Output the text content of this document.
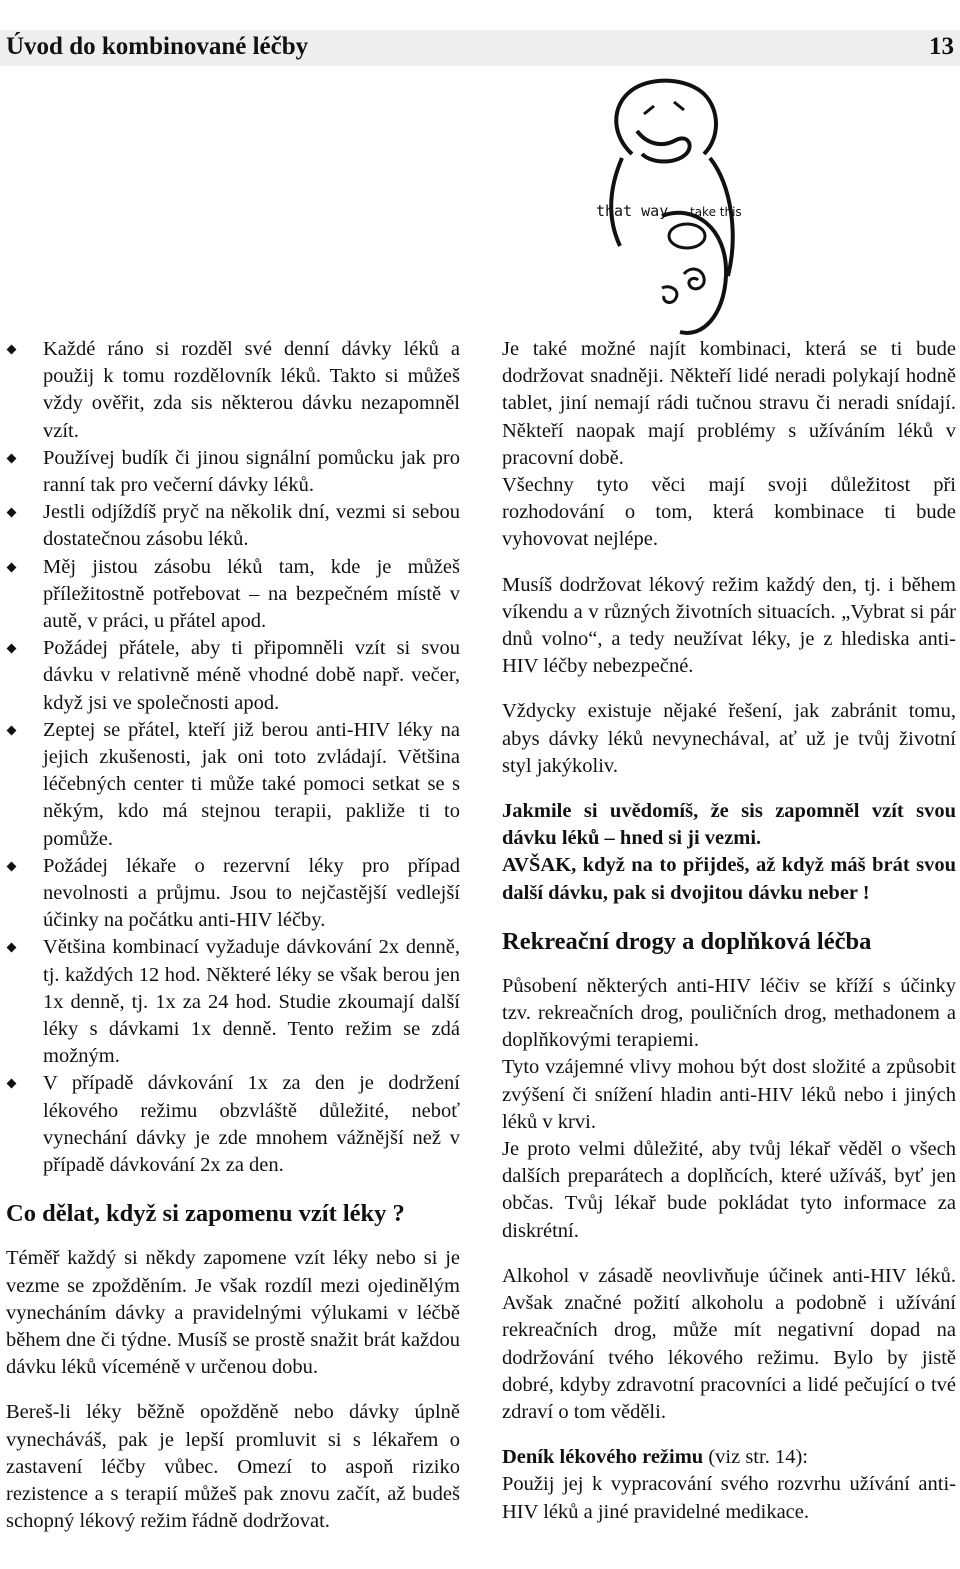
Úvod do kombinované léčby	13
that way take this
Každé ráno si rozděl své denní dávky léků a použij k tomu rozdělovník léků. Takto si můžeš vždy ověřit, zda sis některou dávku nezapomněl vzít.
Používej budík či jinou signální pomůcku jak pro ranní tak pro večerní dávky léků.
Jestli odjíždíš pryč na několik dní, vezmi si sebou dostatečnou zásobu léků.
Měj jistou zásobu léků tam, kde je můžeš příležitostně potřebovat – na bezpečném místě v autě, v práci, u přátel apod.
Požádej přátele, aby ti připomněli vzít si svou dávku v relativně méně vhodné době např. večer, když jsi ve společnosti apod.
Zeptej se přátel, kteří již berou anti-HIV léky na jejich zkušenosti, jak oni toto zvládají. Většina léčebných center ti může také pomoci setkat se s někým, kdo má stejnou terapii, pakliže ti to pomůže.
Požádej lékaře o rezervní léky pro případ nevolnosti a průjmu. Jsou to nejčastější vedlejší účinky na počátku anti-HIV léčby.
Většina kombinací vyžaduje dávkování 2x denně, tj. každých 12 hod. Některé léky se však berou jen 1x denně, tj. 1x za 24 hod. Studie zkoumají další léky s dávkami 1x denně. Tento režim se zdá možným.
V případě dávkování 1x za den je dodržení lékového režimu obzvláště důležité, neboť vynechání dávky je zde mnohem vážnější než v případě dávkování 2x za den.

Co dělat, když si zapomenu vzít léky ?

Téměř každý si někdy zapomene vzít léky nebo si je vezme se zpožděním. Je však rozdíl mezi ojedinělým vynecháním dávky a pravidelnými výlukami v léčbě během dne či týdne. Musíš se prostě snažit brát každou dávku léků víceméně v určenou dobu.

Bereš-li léky běžně opožděně nebo dávky úplně vynecháváš, pak je lepší promluvit si s lékařem o zastavení léčby vůbec. Omezí to aspoň riziko rezistence a s terapií můžeš pak znovu začít, až budeš schopný lékový režim řádně dodržovat.

Je také možné najít kombinaci, která se ti bude dodržovat snadněji. Někteří lidé neradi polykají hodně tablet, jiní nemají rádi tučnou stravu či neradi snídají. Někteří naopak mají problémy s užíváním léků v pracovní době.

Všechny tyto věci mají svoji důležitost při rozhodování o tom, která kombinace ti bude vyhovovat nejlépe.

Musíš dodržovat lékový režim každý den, tj. i během víkendu a v různých životních situacích. „Vybrat si pár dnů volno“, a tedy neužívat léky, je z hlediska anti-HIV léčby nebezpečné.

Vždycky existuje nějaké řešení, jak zabránit tomu, abys dávky léků nevynechával, ať už je tvůj životní styl jakýkoliv.

Jakmile si uvědomíš, že sis zapomněl vzít svou dávku léků – hned si ji vezmi.

AVŠAK, když na to přijdeš, až když máš brát svou další dávku, pak si dvojitou dávku neber !

Rekreační drogy a doplňková léčba

Působení některých anti-HIV léčiv se kříží s účinky tzv. rekreačních drog, pouličních drog, methadonem a doplňkovými terapiemi.

Tyto vzájemné vlivy mohou být dost složité a způsobit zvýšení či snížení hladin anti-HIV léků nebo i jiných léků v krvi.

Je proto velmi důležité, aby tvůj lékař věděl o všech dalších preparátech a doplňcích, které užíváš, byť jen občas. Tvůj lékař bude pokládat tyto informace za diskrétní.

Alkohol v zásadě neovlivňuje účinek anti-HIV léků. Avšak značné požití alkoholu a podobně i užívání rekreačních drog, může mít negativní dopad na dodržování tvého lékového režimu. Bylo by jistě dobré, kdyby zdravotní pracovníci a lidé pečující o tvé zdraví o tom věděli.

Deník lékového režimu (viz str. 14):

Použij jej k vypracování svého rozvrhu užívání anti-HIV léků a jiné pravidelné medikace.
